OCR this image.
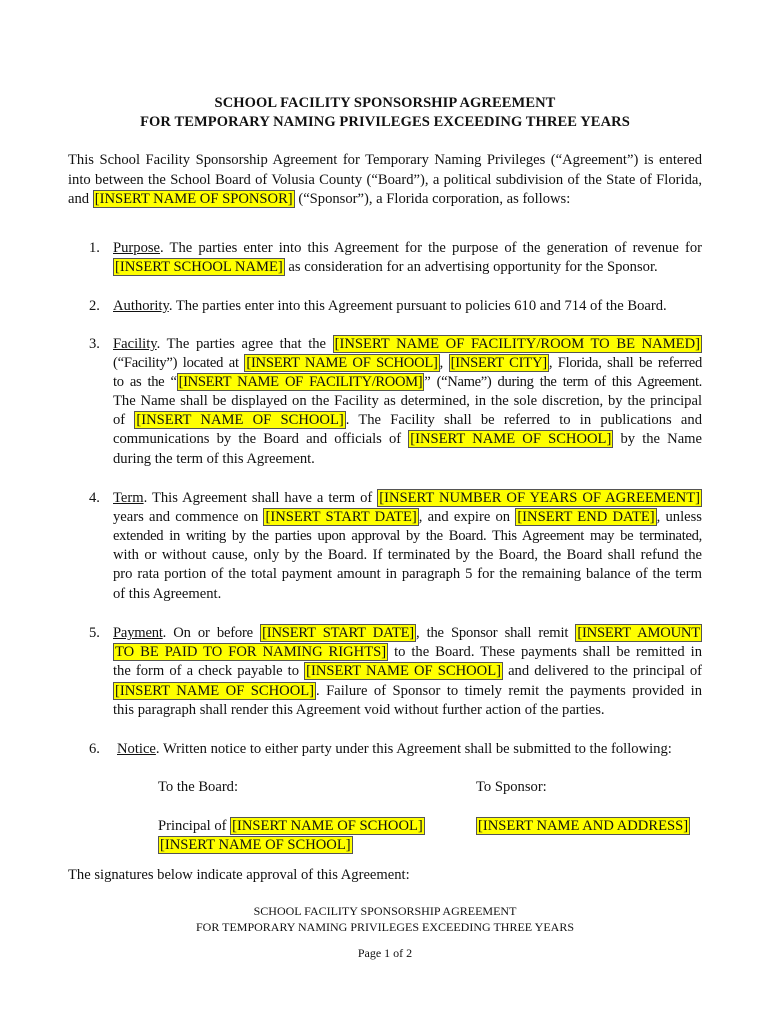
SCHOOL FACILITY SPONSORSHIP AGREEMENT
FOR TEMPORARY NAMING PRIVILEGES EXCEEDING THREE YEARS
This School Facility Sponsorship Agreement for Temporary Naming Privileges (“Agreement”) is entered
into between the School Board of Volusia County (“Board”), a political subdivision of the State of Florida,
and [INSERT NAME OF SPONSOR] (“Sponsor”), a Florida corporation, as follows:
1. Purpose. The parties enter into this Agreement for the purpose of the generation of revenue for
[INSERT SCHOOL NAME] as consideration for an advertising opportunity for the Sponsor.
2. Authority. The parties enter into this Agreement pursuant to policies 610 and 714 of the Board.
3. Facility. The parties agree that the [INSERT NAME OF FACILITY/ROOM TO BE NAMED]
(“Facility”) located at [INSERT NAME OF SCHOOL] , [INSERT CITY] , Florida, shall be referred
to as the “ [INSERT NAME OF FACILITY/ROOM] ” (“Name”) during the term of this Agreement.
The Name shall be displayed on the Facility as determined, in the sole discretion, by the principal
of [INSERT NAME OF SCHOOL] . The Facility shall be referred to in publications and
communications by the Board and officials of [INSERT NAME OF SCHOOL] by the Name
during the term of this Agreement.
4. Term. This Agreement shall have a term of [INSERT NUMBER OF YEARS OF AGREEMENT]
years and commence on [INSERT START DATE] , and expire on [INSERT END DATE] , unless
extended in writing by the parties upon approval by the Board. This Agreement may be terminated,
with or without cause, only by the Board. If terminated by the Board, the Board shall refund the
pro rata portion of the total payment amount in paragraph 5 for the remaining balance of the term
of this Agreement.
5. Payment. On or before [INSERT START DATE] , the Sponsor shall remit [INSERT AMOUNT
TO BE PAID TO FOR NAMING RIGHTS] to the Board. These payments shall be remitted in
the form of a check payable to [INSERT NAME OF SCHOOL] and delivered to the principal of
[INSERT NAME OF SCHOOL] . Failure of Sponsor to timely remit the payments provided in
this paragraph shall render this Agreement void without further action of the parties.
6. Notice. Written notice to either party under this Agreement shall be submitted to the following:
To the Board:	To Sponsor:
Principal of [INSERT NAME OF SCHOOL]
[INSERT NAME OF SCHOOL]
[INSERT NAME AND ADDRESS]
The signatures below indicate approval of this Agreement:
SCHOOL FACILITY SPONSORSHIP AGREEMENT
FOR TEMPORARY NAMING PRIVILEGES EXCEEDING THREE YEARS
Page 1 of 2
